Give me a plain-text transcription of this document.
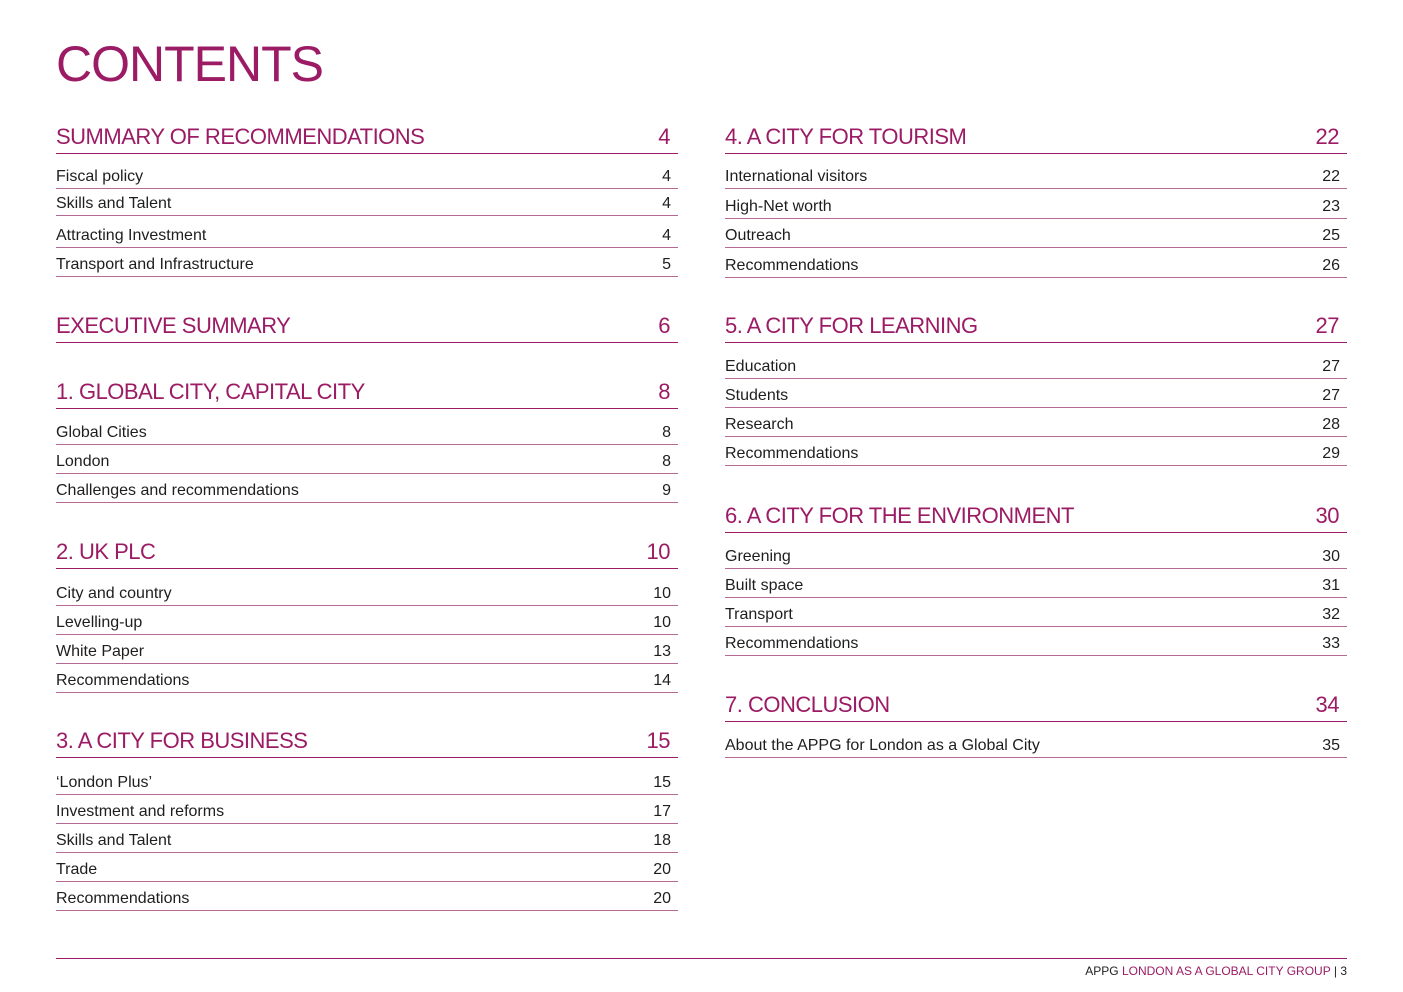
CONTENTS
SUMMARY OF RECOMMENDATIONS	4
Fiscal policy	4
Skills and Talent	4
Attracting Investment	4
Transport and Infrastructure	5
EXECUTIVE SUMMARY	6
1. GLOBAL CITY, CAPITAL CITY	8
Global Cities	8
London	8
Challenges and recommendations	9
2. UK PLC	10
City and country	10
Levelling-up	10
White Paper	13
Recommendations	14
3. A CITY FOR BUSINESS	15
‘London Plus’	15
Investment and reforms	17
Skills and Talent	18
Trade	20
Recommendations	20
4. A CITY FOR TOURISM	22
International visitors	22
High-Net worth	23
Outreach	25
Recommendations	26
5. A CITY FOR LEARNING	27
Education	27
Students	27
Research	28
Recommendations	29
6. A CITY FOR THE ENVIRONMENT	30
Greening	30
Built space	31
Transport	32
Recommendations	33
7. CONCLUSION	34
About the APPG for London as a Global City	35
APPG LONDON AS A GLOBAL CITY GROUP | 3
